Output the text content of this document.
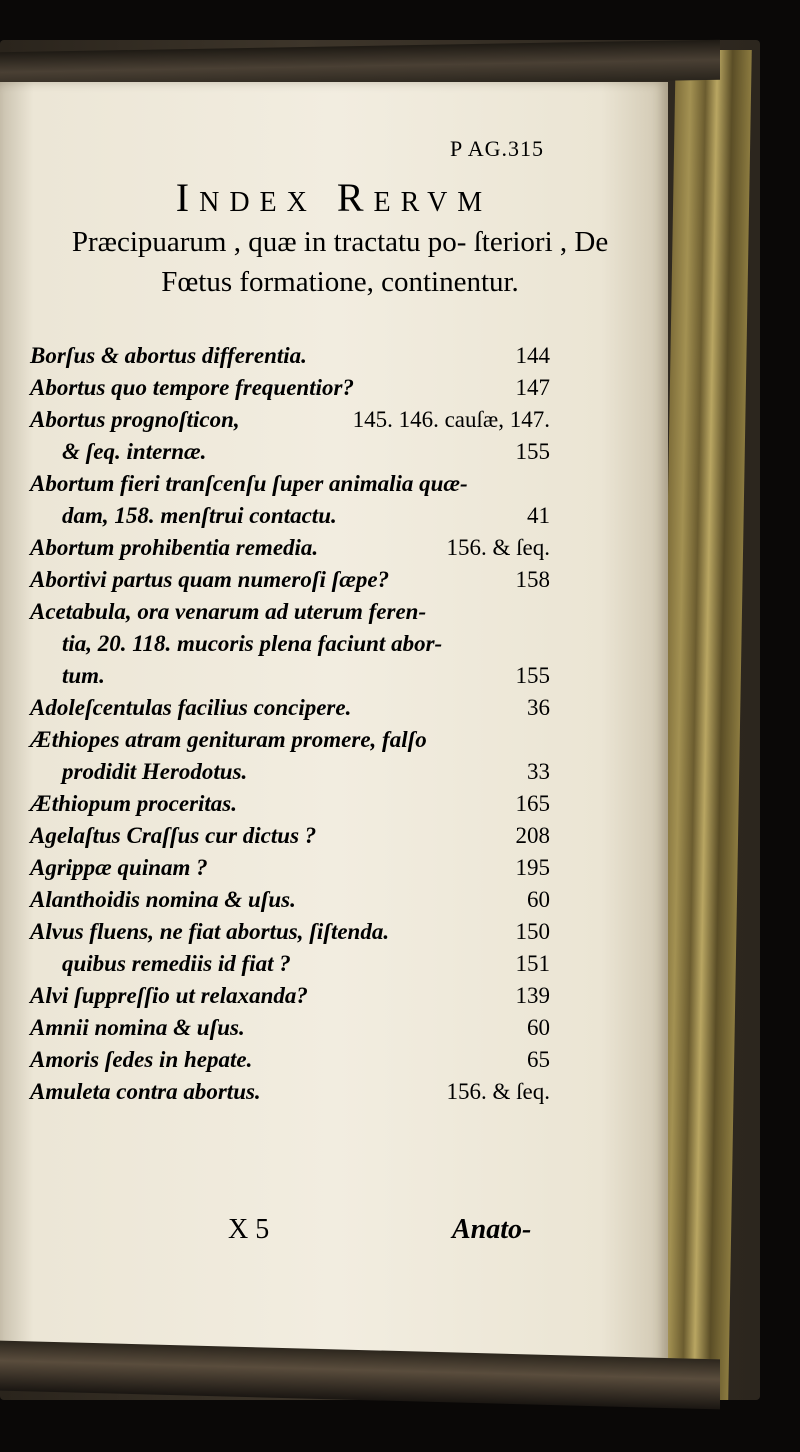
P AG.315
Index Rervm
Præcipuarum , quæ in tractatu po- ſteriori , De Fœtus formatione, continentur.
Borſus & abortus differentia.	144
Abortus quo tempore frequentior?	147
Abortus prognoſticon,	145. 146. cauſæ, 147.
& ſeq. internæ.	155
Abortum fieri tranſcenſu ſuper animalia quæ-
dam, 158. menſtrui contactu.	41
Abortum prohibentia remedia.	156. & ſeq.
Abortivi partus quam numeroſi ſæpe?	158
Acetabula, ora venarum ad uterum feren-
tia, 20. 118. mucoris plena faciunt abor-
tum.	155
Adoleſcentulas facilius concipere.	36
Æthiopes atram genituram promere, falſo
prodidit Herodotus.	33
Æthiopum proceritas.	165
Agelaſtus Craſſus cur dictus ?	208
Agrippæ quinam ?	195
Alanthoidis nomina & uſus.	60
Alvus fluens, ne fiat abortus, ſiſtenda.	150
quibus remediis id fiat ?	151
Alvi ſuppreſſio ut relaxanda?	139
Amnii nomina & uſus.	60
Amoris ſedes in hepate.	65
Amuleta contra abortus.	156. & ſeq.
X 5	Anato-
